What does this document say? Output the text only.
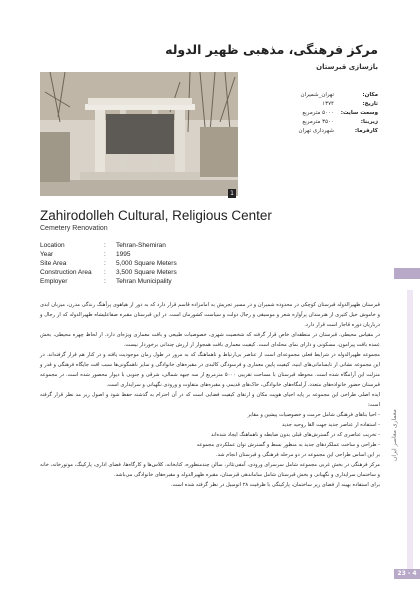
مرکز فرهنگی، مذهبی ظهیر الدوله
بازسازی قبرستان
1
مکان:
تهران_شمیران
تاریخ:
۱۳۷۴
وسعت سایت:
۵۰۰۰ مترمربع
زیربنا:
۳۵۰۰ مترمربع
کارفرما:
شهرداری تهران
Zahirodolleh Cultural, Religious Center
Cemetery Renovation
Location	:	Tehran-Shemiran
Year	:	1995
Site Area	:	5,000 Square Meters
Construction Area	:	3,500 Square Meters
Employer	:	Tehran Municipality

قبرستان ظهیرالدوله قبرستان کوچکی در محدوده شمیران و در مسیر تجریش به امامزاده قاسم قرار دارد که به دور از هیاهوی پرآهنگ زندگی مدرن، میزبان ابدی و خاموش خیل کثیری از هنرمندان پرآوازه شعر و موسیقی و رجال دولت و سیاست کشورمان است. در این قبرستان مقبره صفاعلیشاه ظهیرالدوله که از رجال و درباریان دوره قاجار است قرار دارد.

در مقیاس محیطی، قبرستان در منطقه‌ای خاص قرار گرفته که شخصیت شهری، خصوصیات طبیعی و بافت معماری ویژه‌ای دارد. از لحاظ چهره محیطی، بخش عمده بافت پیرامون، مسکونی و دارای نمای محله‌ای است. کیفیت معماری بافت همجوار از ارزش چندانی برخوردار نیست.

مجموعه ظهیرالدوله در شرایط فعلی مجموعه‌ای است از عناصر بی‌ارتباط و ناهماهنگ که به مرور در طول زمان موجودیت یافته و در کنار هم قرار گرفته‌اند. در این مجموعه نشانی از نابسامانی‌های ابنیه، کیفیت پایین معماری و فرسودگی کالبدی در مقبره‌های خانوادگی و سایر ناهمگونی‌ها سبب افت جایگاه فرهنگی و قدر و منزلت این آرامگاه شده است. محوطه قبرستان با مساحت تقریبی ۵۰۰۰ مترمربع از سه جبهه شمالی، شرقی و جنوبی با دیوار محصور شده است. در مجموعه قبرستان حضور خانواده‌های متعدد، آرامگاه‌های خانوادگی، خاک‌های قدیمی و مقبره‌های متفاوت و ورودی نگهبانی و سرایداری است.

ایده اصلی طراحی این مجموعه بر پایه احیای هویت مکان و ارتقای کیفیت فضایی است که در آن احترام به گذشته حفظ شود و اصول زیر مد نظر قرار گرفته است:

- احیا بناهای فرهنگی شامل حرمت و خصوصیات پیشین و مقابر

- استفاده از عناصر جدید جهت القا روحیه جدید

- تخریب عناصری که در گسترش‌های قبلی بدون ضابطه و ناهماهنگ ایجاد شده‌اند

- طراحی و ساخت عملکردهای جدید به منظور بسط و گسترش توان عملکردی مجموعه

بر این اساس طراحی این مجموعه در دو مرحله فرهنگی و قبرستان انجام شد.

مرکز فرهنگی در بخش غربی مجموعه شامل سرسرای ورودی، آمفی‌تئاتر، سالن چندمنظوره، کتابخانه، کلاس‌ها و کارگاه‌ها، فضای اداری، پارکینگ، موتورخانه، خانه و ساختمان سرایداری و نگهبانی و بخش قبرستان شامل ساماندهی قبرستان، مقبره ظهیرالدوله و مقبره‌های خانوادگی می‌باشد.

برای استفاده بهینه از فضای زیر ساختمان، پارکینگی با ظرفیت ۲۸ اتومبیل در نظر گرفته شده است.

معماری معاصر ایران
23 - 4
